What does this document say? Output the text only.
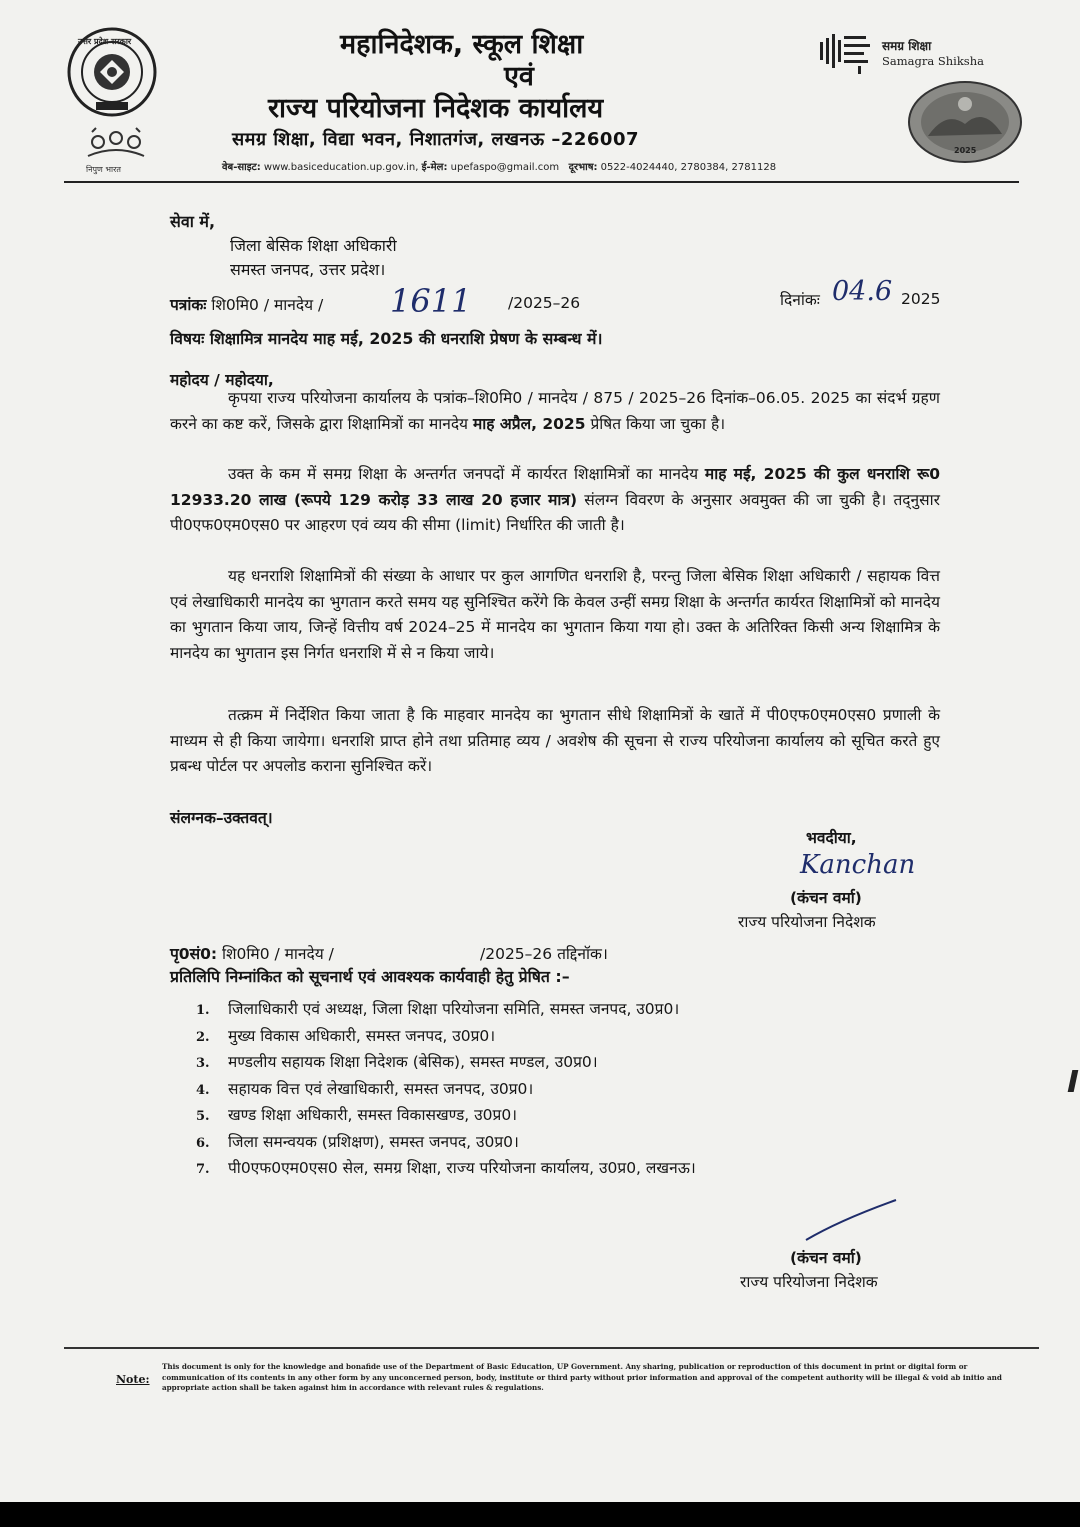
उत्तर प्रदेश सरकार
निपुण भारत
महानिदेशक, स्कूल शिक्षा
एवं
राज्य परियोजना निदेशक कार्यालय
समग्र शिक्षा, विद्या भवन, निशातगंज, लखनऊ –226007
वेब-साइट: www.basiceducation.up.gov.in, ई-मेल: upefaspo@gmail.com दूरभाष: 0522-4024440, 2780384, 2781128
समग्र शिक्षा
Samagra Shiksha
2025
सेवा में,
जिला बेसिक शिक्षा अधिकारी
समस्त जनपद, उत्तर प्रदेश।
पत्रांकः शि0मि0 / मानदेय / 1611 /2025–26	दिनांकः 04.6 2025
विषयः शिक्षामित्र मानदेय माह मई, 2025 की धनराशि प्रेषण के सम्बन्ध में।
महोदय / महोदया,
कृपया राज्य परियोजना कार्यालय के पत्रांक–शि0मि0 / मानदेय / 875 / 2025–26 दिनांक–06.05. 2025 का संदर्भ ग्रहण करने का कष्ट करें, जिसके द्वारा शिक्षामित्रों का मानदेय माह अप्रैल, 2025 प्रेषित किया जा चुका है।
उक्त के कम में समग्र शिक्षा के अन्तर्गत जनपदों में कार्यरत शिक्षामित्रों का मानदेय माह मई, 2025 की कुल धनराशि रू0 12933.20 लाख (रूपये 129 करोड़ 33 लाख 20 हजार मात्र) संलग्न विवरण के अनुसार अवमुक्त की जा चुकी है। तद्नुसार पी0एफ0एम0एस0 पर आहरण एवं व्यय की सीमा (limit) निर्धारित की जाती है।
यह धनराशि शिक्षामित्रों की संख्या के आधार पर कुल आगणित धनराशि है, परन्तु जिला बेसिक शिक्षा अधिकारी / सहायक वित्त एवं लेखाधिकारी मानदेय का भुगतान करते समय यह सुनिश्चित करेंगे कि केवल उन्हीं समग्र शिक्षा के अन्तर्गत कार्यरत शिक्षामित्रों को मानदेय का भुगतान किया जाय, जिन्हें वित्तीय वर्ष 2024–25 में मानदेय का भुगतान किया गया हो। उक्त के अतिरिक्त किसी अन्य शिक्षामित्र के मानदेय का भुगतान इस निर्गत धनराशि में से न किया जाये।
तत्क्रम में निर्देशित किया जाता है कि माहवार मानदेय का भुगतान सीधे शिक्षामित्रों के खातें में पी0एफ0एम0एस0 प्रणाली के माध्यम से ही किया जायेगा। धनराशि प्राप्त होने तथा प्रतिमाह व्यय / अवशेष की सूचना से राज्य परियोजना कार्यालय को सूचित करते हुए प्रबन्ध पोर्टल पर अपलोड कराना सुनिश्चित करें।
संलग्नक–उक्तवत्।
भवदीया,
Kanchan
(कंचन वर्मा)
राज्य परियोजना निदेशक
पृ0सं0: शि0मि0 / मानदेय /	/2025–26 तद्दिनॉक।
प्रतिलिपि निम्नांकित को सूचनार्थ एवं आवश्यक कार्यवाही हेतु प्रेषित :–
1. जिलाधिकारी एवं अध्यक्ष, जिला शिक्षा परियोजना समिति, समस्त जनपद, उ0प्र0।
2. मुख्य विकास अधिकारी, समस्त जनपद, उ0प्र0।
3. मण्डलीय सहायक शिक्षा निदेशक (बेसिक), समस्त मण्डल, उ0प्र0।
4. सहायक वित्त एवं लेखाधिकारी, समस्त जनपद, उ0प्र0।
5. खण्ड शिक्षा अधिकारी, समस्त विकासखण्ड, उ0प्र0।
6. जिला समन्वयक (प्रशिक्षण), समस्त जनपद, उ0प्र0।
7. पी0एफ0एम0एस0 सेल, समग्र शिक्षा, राज्य परियोजना कार्यालय, उ0प्र0, लखनऊ।
(कंचन वर्मा)
राज्य परियोजना निदेशक
Note:
This document is only for the knowledge and bonafide use of the Department of Basic Education, UP Government. Any sharing, publication or reproduction of this document in print or digital form or communication of its contents in any other form by any unconcerned person, body, institute or third party without prior information and approval of the competent authority will be illegal & void ab initio and appropriate action shall be taken against him in accordance with relevant rules & regulations.
